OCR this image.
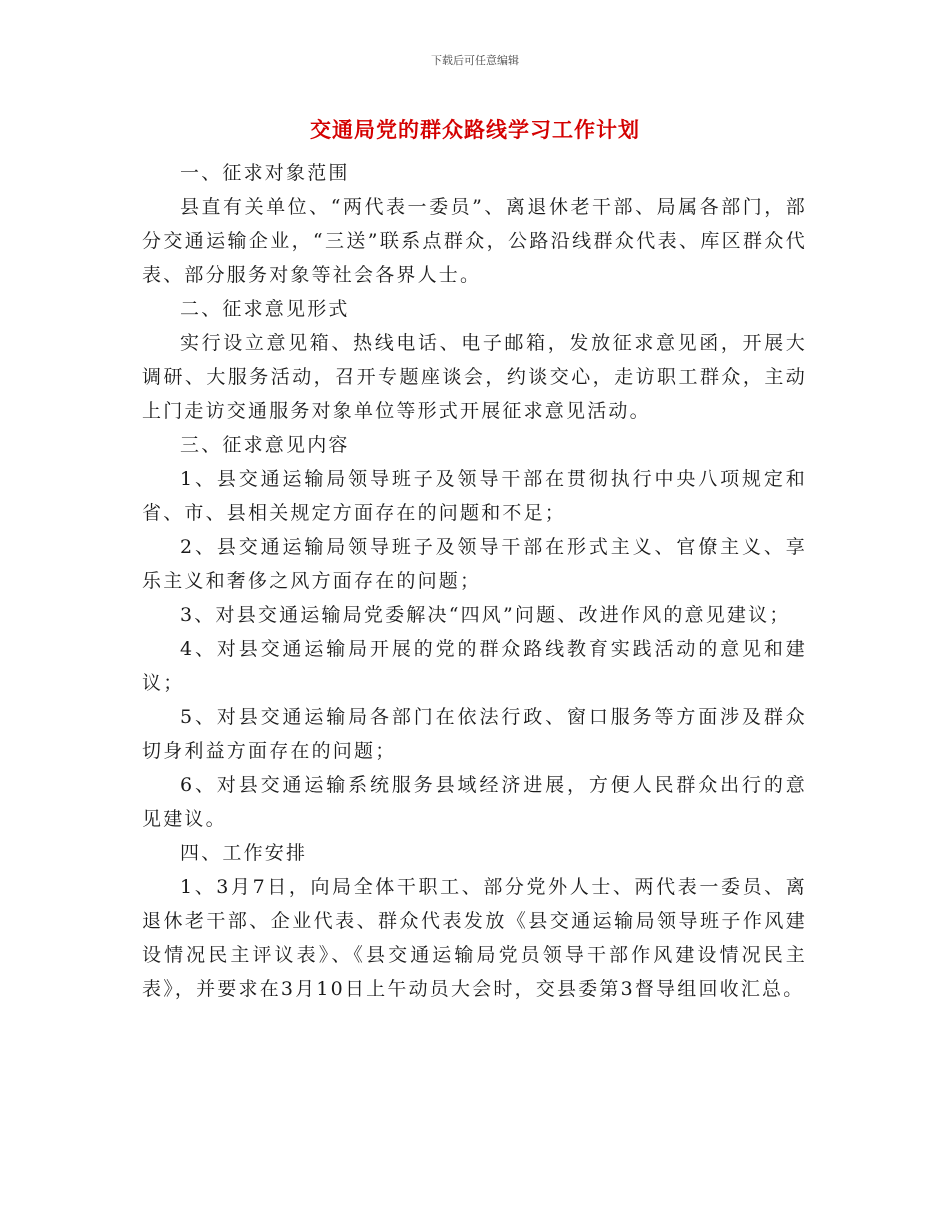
下载后可任意编辑
交通局党的群众路线学习工作计划

一、征求对象范围

县直有关单位、“两代表一委员”、离退休老干部、局属各部门，部分交通运输企业，“三送”联系点群众，公路沿线群众代表、库区群众代表、部分服务对象等社会各界人士。

二、征求意见形式

实行设立意见箱、热线电话、电子邮箱，发放征求意见函，开展大调研、大服务活动，召开专题座谈会，约谈交心，走访职工群众，主动上门走访交通服务对象单位等形式开展征求意见活动。

三、征求意见内容

1、县交通运输局领导班子及领导干部在贯彻执行中央八项规定和省、市、县相关规定方面存在的问题和不足；

2、县交通运输局领导班子及领导干部在形式主义、官僚主义、享乐主义和奢侈之风方面存在的问题；

3、对县交通运输局党委解决“四风”问题、改进作风的意见建议；

4、对县交通运输局开展的党的群众路线教育实践活动的意见和建议；

5、对县交通运输局各部门在依法行政、窗口服务等方面涉及群众切身利益方面存在的问题；

6、对县交通运输系统服务县域经济进展，方便人民群众出行的意见建议。

四、工作安排

1、3月7日，向局全体干职工、部分党外人士、两代表一委员、离退休老干部、企业代表、群众代表发放《县交通运输局领导班子作风建设情况民主评议表》、《县交通运输局党员领导干部作风建设情况民主表》，并要求在3月10日上午动员大会时，交县委第3督导组回收汇总。
